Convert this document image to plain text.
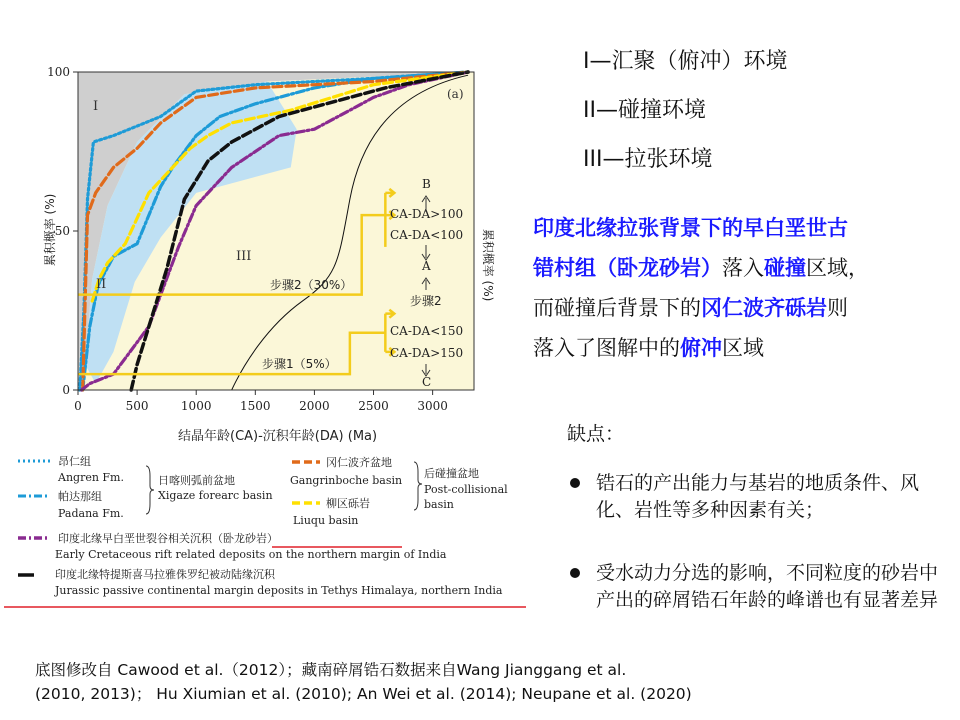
0	500	1000 1500 2000 2500 3000
0
50
100
I
II
III
(a)
步骤2（30%）
步骤1（5%）
步骤2
CA-DA>100
CA-DA<100
CA-DA<150
CA-DA>150
B
A
C
结晶年龄(CA)-沉积年龄(DA) (Ma)
累积概率 (%)	累积概率 (%)
昂仁组
Angren Fm.
帕达那组
Padana Fm.
日喀则弧前盆地
Xigaze forearc basin
冈仁波齐盆地
Gangrinboche basin
柳区砾岩
Liuqu basin
后碰撞盆地
Post-collisional
basin
印度北缘早白垩世裂谷相关沉积（卧龙砂岩）
Early Cretaceous rift related deposits on the northern margin of India
印度北缘特提斯喜马拉雅侏罗纪被动陆缘沉积
Jurassic passive continental margin deposits in Tethys Himalaya, northern India
I—汇聚（俯冲）环境
II—碰撞环境
III—拉张环境
印度北缘拉张背景下的早白垩世古
错村组（卧龙砂岩）落入碰撞区域，
而碰撞后背景下的冈仁波齐砾岩则
落入了图解中的俯冲区域
缺点：
锆石的产出能力与基岩的地质条件、风化、岩性等多种因素有关；
受水动力分选的影响，不同粒度的砂岩中产出的碎屑锆石年龄的峰谱也有显著差异
底图修改自 Cawood et al.（2012）；藏南碎屑锆石数据来自Wang Jianggang et al.
(2010, 2013)； Hu Xiumian et al. (2010); An Wei et al. (2014); Neupane et al. (2020)
